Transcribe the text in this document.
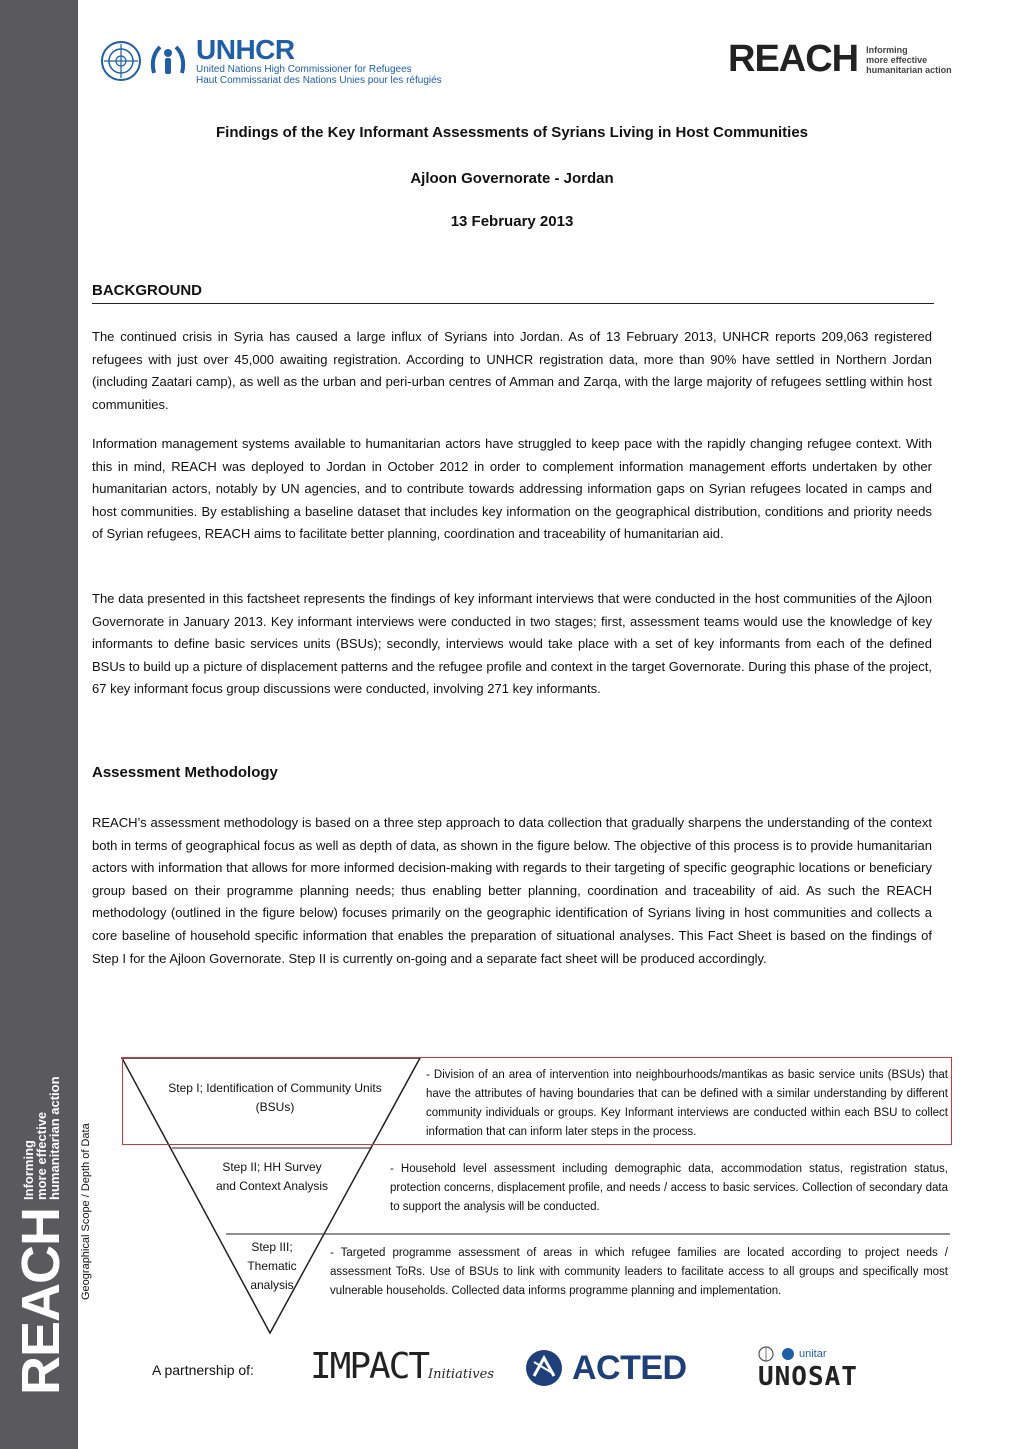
REACH
Informing
more effective
humanitarian action
UNHCR
United Nations High Commissioner for Refugees
Haut Commissariat des Nations Unies pour les réfugiés
REACH Informing
more effective
humanitarian action
Findings of the Key Informant Assessments of Syrians Living in Host Communities
Ajloon Governorate - Jordan
13 February 2013
BACKGROUND

The continued crisis in Syria has caused a large influx of Syrians into Jordan. As of 13 February 2013, UNHCR reports 209,063 registered refugees with just over 45,000 awaiting registration. According to UNHCR registration data, more than 90% have settled in Northern Jordan (including Zaatari camp), as well as the urban and peri-urban centres of Amman and Zarqa, with the large majority of refugees settling within host communities.

Information management systems available to humanitarian actors have struggled to keep pace with the rapidly changing refugee context. With this in mind, REACH was deployed to Jordan in October 2012 in order to complement information management efforts undertaken by other humanitarian actors, notably by UN agencies, and to contribute towards addressing information gaps on Syrian refugees located in camps and host communities. By establishing a baseline dataset that includes key information on the geographical distribution, conditions and priority needs of Syrian refugees, REACH aims to facilitate better planning, coordination and traceability of humanitarian aid.

The data presented in this factsheet represents the findings of key informant interviews that were conducted in the host communities of the Ajloon Governorate in January 2013. Key informant interviews were conducted in two stages; first, assessment teams would use the knowledge of key informants to define basic services units (BSUs); secondly, interviews would take place with a set of key informants from each of the defined BSUs to build up a picture of displacement patterns and the refugee profile and context in the target Governorate. During this phase of the project, 67 key informant focus group discussions were conducted, involving 271 key informants.

Assessment Methodology

REACH’s assessment methodology is based on a three step approach to data collection that gradually sharpens the understanding of the context both in terms of geographical focus as well as depth of data, as shown in the figure below. The objective of this process is to provide humanitarian actors with information that allows for more informed decision-making with regards to their targeting of specific geographic locations or beneficiary group based on their programme planning needs; thus enabling better planning, coordination and traceability of aid. As such the REACH methodology (outlined in the figure below) focuses primarily on the geographic identification of Syrians living in host communities and collects a core baseline of household specific information that enables the preparation of situational analyses. This Fact Sheet is based on the findings of Step I for the Ajloon Governorate. Step II is currently on-going and a separate fact sheet will be produced accordingly.

Step I; Identification of Community Units (BSUs)
- Division of an area of intervention into neighbourhoods/mantikas as basic service units (BSUs) that have the attributes of having boundaries that can be defined with a similar understanding by different community individuals or groups. Key Informant interviews are conducted within each BSU to collect information that can inform later steps in the process.
Step II; HH Survey and Context Analysis
- Household level assessment including demographic data, accommodation status, registration status, protection concerns, displacement profile, and needs / access to basic services. Collection of secondary data to support the analysis will be conducted.
Step III; Thematic analysis
- Targeted programme assessment of areas in which refugee families are located according to project needs / assessment ToRs. Use of BSUs to link with community leaders to facilitate access to all groups and specifically most vulnerable households. Collected data informs programme planning and implementation.
Geographical Scope / Depth of Data
A partnership of: IMPACTInitiatives ACTED	unitar
UNOSAT
